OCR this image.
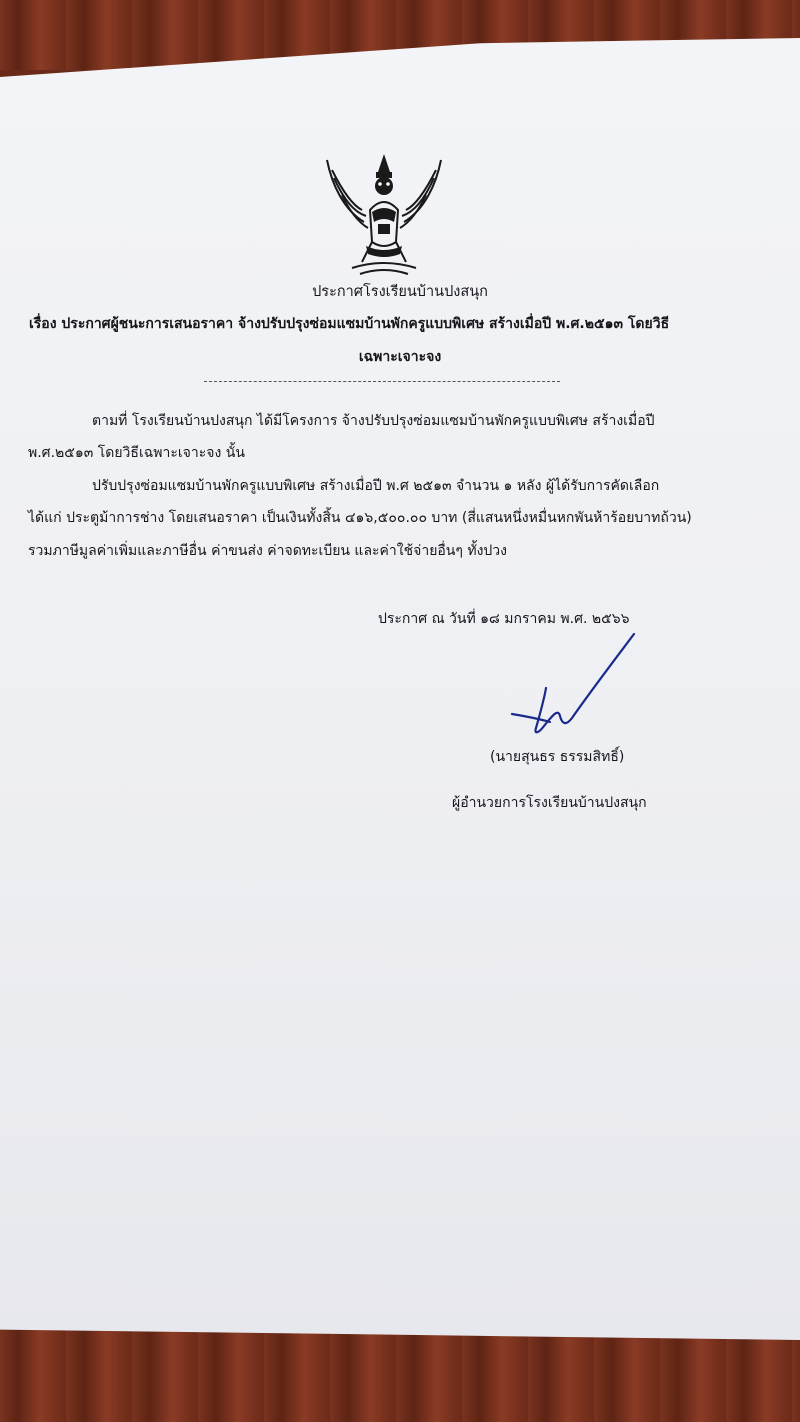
ประกาศโรงเรียนบ้านปงสนุก
เรื่อง ประกาศผู้ชนะการเสนอราคา จ้างปรับปรุงซ่อมแซมบ้านพักครูแบบพิเศษ สร้างเมื่อปี พ.ศ.๒๕๑๓ โดยวิธี
เฉพาะเจาะจง
ตามที่ โรงเรียนบ้านปงสนุก ได้มีโครงการ จ้างปรับปรุงซ่อมแซมบ้านพักครูแบบพิเศษ สร้างเมื่อปี
พ.ศ.๒๕๑๓ โดยวิธีเฉพาะเจาะจง นั้น
ปรับปรุงซ่อมแซมบ้านพักครูแบบพิเศษ สร้างเมื่อปี พ.ศ ๒๕๑๓ จำนวน ๑ หลัง ผู้ได้รับการคัดเลือก
ได้แก่ ประตูม้าการช่าง โดยเสนอราคา เป็นเงินทั้งสิ้น ๔๑๖,๕๐๐.๐๐ บาท (สี่แสนหนึ่งหมื่นหกพันห้าร้อยบาทถ้วน)
รวมภาษีมูลค่าเพิ่มและภาษีอื่น ค่าขนส่ง ค่าจดทะเบียน และค่าใช้จ่ายอื่นๆ ทั้งปวง
ประกาศ ณ วันที่ ๑๘ มกราคม พ.ศ. ๒๕๖๖
(นายสุนธร ธรรมสิทธิ์)
ผู้อำนวยการโรงเรียนบ้านปงสนุก
